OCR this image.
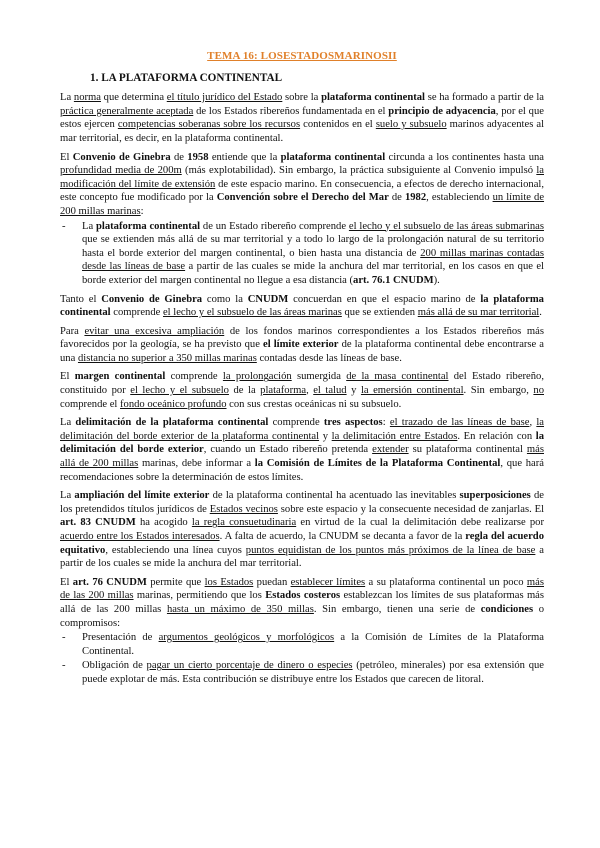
TEMA 16: LOSESTADOSMARINOSII
1. LA PLATAFORMA CONTINENTAL

La norma que determina el título jurídico del Estado sobre la plataforma continental se ha formado a partir de la práctica generalmente aceptada de los Estados ribereños fundamentada en el principio de adyacencia, por el que estos ejercen competencias soberanas sobre los recursos contenidos en el suelo y subsuelo marinos adyacentes al mar territorial, es decir, en la plataforma continental.

El Convenio de Ginebra de 1958 entiende que la plataforma continental circunda a los continentes hasta una profundidad media de 200m (más explotabilidad). Sin embargo, la práctica subsiguiente al Convenio impulsó la modificación del límite de extensión de este espacio marino. En consecuencia, a efectos de derecho internacional, este concepto fue modificado por la Convención sobre el Derecho del Mar de 1982, estableciendo un límite de 200 millas marinas:

- La plataforma continental de un Estado ribereño comprende el lecho y el subsuelo de las áreas submarinas que se extienden más allá de su mar territorial y a todo lo largo de la prolongación natural de su territorio hasta el borde exterior del margen continental, o bien hasta una distancia de 200 millas marinas contadas desde las líneas de base a partir de las cuales se mide la anchura del mar territorial, en los casos en que el borde exterior del margen continental no llegue a esa distancia (art. 76.1 CNUDM).

Tanto el Convenio de Ginebra como la CNUDM concuerdan en que el espacio marino de la plataforma continental comprende el lecho y el subsuelo de las áreas marinas que se extienden más allá de su mar territorial.

Para evitar una excesiva ampliación de los fondos marinos correspondientes a los Estados ribereños más favorecidos por la geología, se ha previsto que el límite exterior de la plataforma continental debe encontrarse a una distancia no superior a 350 millas marinas contadas desde las líneas de base.

El margen continental comprende la prolongación sumergida de la masa continental del Estado ribereño, constituido por el lecho y el subsuelo de la plataforma, el talud y la emersión continental. Sin embargo, no comprende el fondo oceánico profundo con sus crestas oceánicas ni su subsuelo.

La delimitación de la plataforma continental comprende tres aspectos: el trazado de las líneas de base, la delimitación del borde exterior de la plataforma continental y la delimitación entre Estados. En relación con la delimitación del borde exterior, cuando un Estado ribereño pretenda extender su plataforma continental más allá de 200 millas marinas, debe informar a la Comisión de Límites de la Plataforma Continental, que hará recomendaciones sobre la determinación de estos límites.

La ampliación del límite exterior de la plataforma continental ha acentuado las inevitables superposiciones de los pretendidos títulos jurídicos de Estados vecinos sobre este espacio y la consecuente necesidad de zanjarlas. El art. 83 CNUDM ha acogido la regla consuetudinaria en virtud de la cual la delimitación debe realizarse por acuerdo entre los Estados interesados. A falta de acuerdo, la CNUDM se decanta a favor de la regla del acuerdo equitativo, estableciendo una línea cuyos puntos equidistan de los puntos más próximos de la línea de base a partir de los cuales se mide la anchura del mar territorial.

El art. 76 CNUDM permite que los Estados puedan establecer límites a su plataforma continental un poco más de las 200 millas marinas, permitiendo que los Estados costeros establezcan los límites de sus plataformas más allá de las 200 millas hasta un máximo de 350 millas. Sin embargo, tienen una serie de condiciones o compromisos:

- Presentación de argumentos geológicos y morfológicos a la Comisión de Límites de la Plataforma Continental.
- Obligación de pagar un cierto porcentaje de dinero o especies (petróleo, minerales) por esa extensión que puede explotar de más. Esta contribución se distribuye entre los Estados que carecen de litoral.
